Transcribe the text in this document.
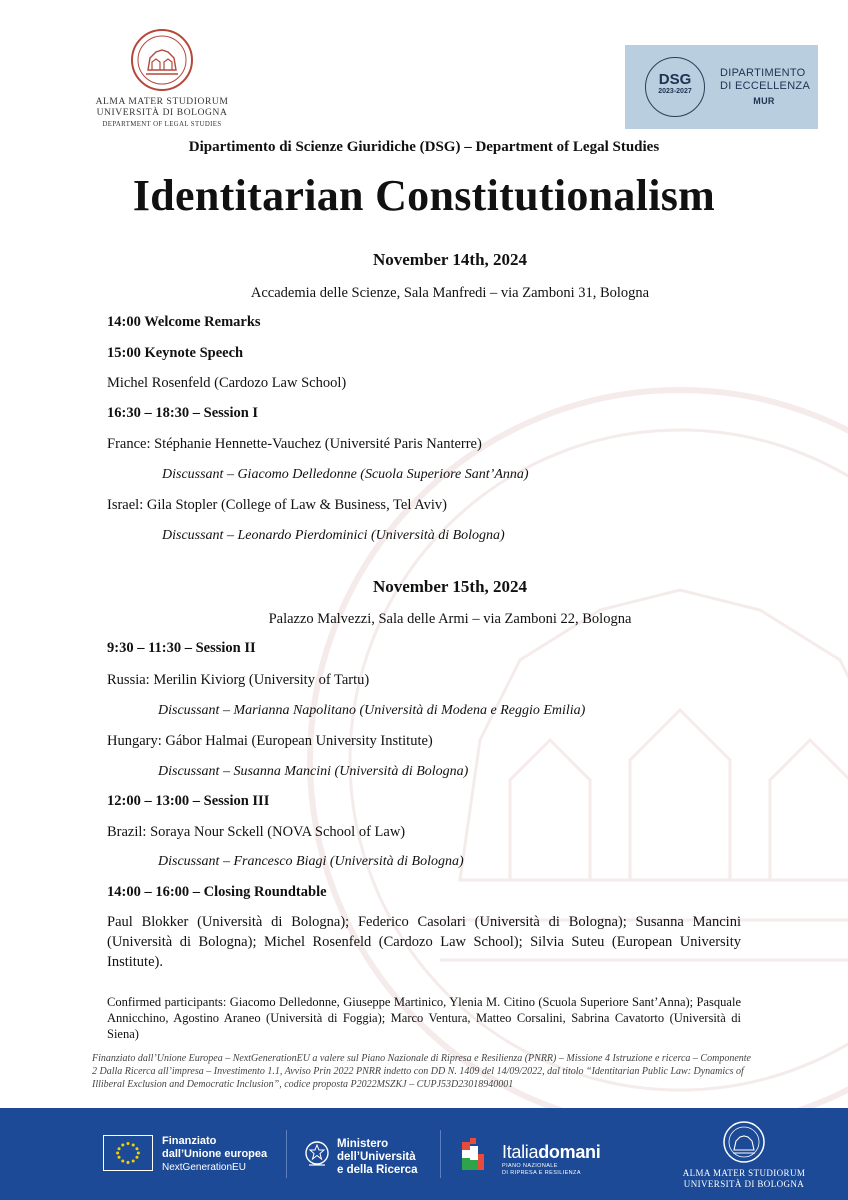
ALMA MATER STUDIORUM
UNIVERSITÀ DI BOLOGNA
DEPARTMENT OF LEGAL STUDIES
DSG
2023-2027
DIPARTIMENTO
DI ECCELLENZA
MUR
Dipartimento di Scienze Giuridiche (DSG) – Department of Legal Studies
Identitarian Constitutionalism
November 14th, 2024
Accademia delle Scienze, Sala Manfredi – via Zamboni 31, Bologna
14:00 Welcome Remarks
15:00 Keynote Speech
Michel Rosenfeld (Cardozo Law School)
16:30 – 18:30 – Session I
France: Stéphanie Hennette-Vauchez (Université Paris Nanterre)
Discussant – Giacomo Delledonne (Scuola Superiore Sant’Anna)
Israel: Gila Stopler (College of Law & Business, Tel Aviv)
Discussant – Leonardo Pierdominici (Università di Bologna)
November 15th, 2024
Palazzo Malvezzi, Sala delle Armi – via Zamboni 22, Bologna
9:30 – 11:30 – Session II
Russia: Merilin Kiviorg (University of Tartu)
Discussant – Marianna Napolitano (Università di Modena e Reggio Emilia)
Hungary: Gábor Halmai (European University Institute)
Discussant – Susanna Mancini (Università di Bologna)
12:00 – 13:00 – Session III
Brazil: Soraya Nour Sckell (NOVA School of Law)
Discussant – Francesco Biagi (Università di Bologna)
14:00 – 16:00 – Closing Roundtable
Paul Blokker (Università di Bologna); Federico Casolari (Università di Bologna); Susanna Mancini (Università di Bologna); Michel Rosenfeld (Cardozo Law School); Silvia Suteu (European University Institute).
Confirmed participants: Giacomo Delledonne, Giuseppe Martinico, Ylenia M. Citino (Scuola Superiore Sant’Anna); Pasquale Annicchino, Agostino Araneo (Università di Foggia); Marco Ventura, Matteo Corsalini, Sabrina Cavatorto (Università di Siena)
Finanziato dall’Unione Europea – NextGenerationEU a valere sul Piano Nazionale di Ripresa e Resilienza (PNRR) – Missione 4 Istruzione e ricerca – Componente 2 Dalla Ricerca all’impresa – Investimento 1.1, Avviso Prin 2022 PNRR indetto con DD N. 1409 del 14/09/2022, dal titolo “Identitarian Public Law: Dynamics of Illiberal Exclusion and Democratic Inclusion”, codice proposta P2022MSZKJ – CUPJ53D23018940001
Finanziato
dall’Unione europea
NextGenerationEU
Ministero
dell’Università
e della Ricerca
Italiadomani
PIANO NAZIONALE
DI RIPRESA E RESILIENZA	ALMA MATER STUDIORUM
UNIVERSITÀ DI BOLOGNA
